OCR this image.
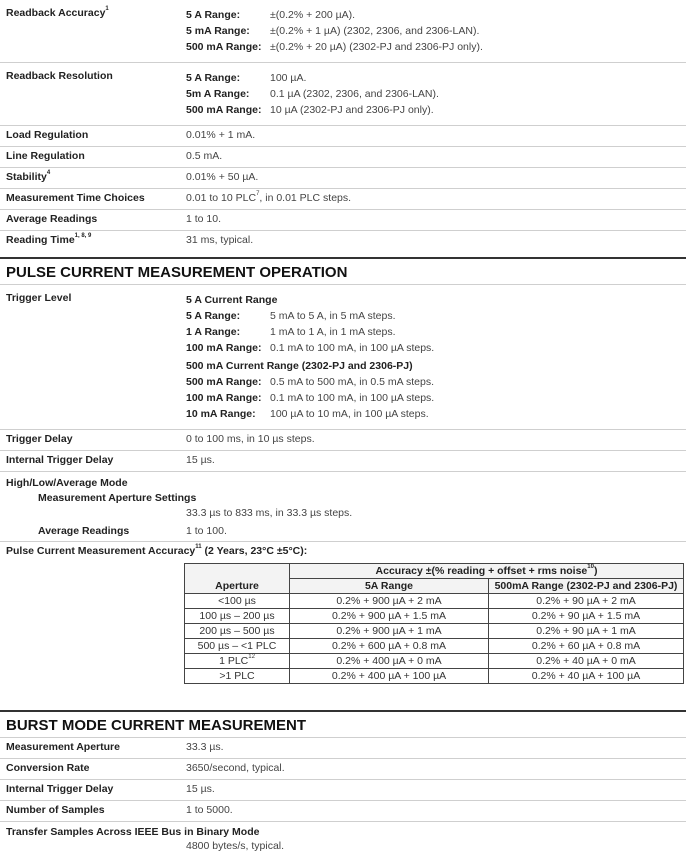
Readback Accuracy$^1$	5 A Range:	±(0.2% + 200 µA).
5 mA Range:	±(0.2% + 1 µA) (2302, 2306, and 2306-LAN).
500 mA Range: ±(0.2% + 20 µA) (2302-PJ and 2306-PJ only).
Readback Resolution	5 A Range:	100 µA.
5m A Range:	0.1 µA (2302, 2306, and 2306-LAN).
500 mA Range: 10 µA (2302-PJ and 2306-PJ only).
Load Regulation	0.01% + 1 mA.
Line Regulation	0.5 mA.
Stability$^4$	0.01% + 50 µA.
Measurement Time Choices	0.01 to 10 PLC$^7$, in 0.01 PLC steps.
Average Readings	1 to 10.
Reading Time$^{1, 8, 9}$	31 ms, typical.
PULSE CURRENT MEASUREMENT OPERATION
Trigger Level	5 A Current Range
5 A Range:	5 mA to 5 A, in 5 mA steps.
1 A Range:	1 mA to 1 A, in 1 mA steps.
100 mA Range: 0.1 mA to 100 mA, in 100 µA steps.
500 mA Current Range (2302-PJ and 2306-PJ)
500 mA Range: 0.5 mA to 500 mA, in 0.5 mA steps.
100 mA Range: 0.1 mA to 100 mA, in 100 µA steps.
10 mA Range:	100 µA to 10 mA, in 100 µA steps.
Trigger Delay	0 to 100 ms, in 10 µs steps.
Internal Trigger Delay	15 µs.
High/Low/Average Mode
Measurement Aperture Settings
33.3 µs to 833 ms, in 33.3 µs steps.
Average Readings	1 to 100.
Pulse Current Measurement Accuracy$^{11}$ (2 Years, 23°C ±5°C):
Aperture	Accuracy ±(% reading + offset + rms noise$^{10}$)	
	5A Range	500mA Range (2302-PJ and 2306-PJ)
<100 µs	0.2% + 900 µA + 2 mA	0.2% + 90 µA + 2 mA
100 µs – 200 µs	0.2% + 900 µA + 1.5 mA	0.2% + 90 µA + 1.5 mA
200 µs – 500 µs	0.2% + 900 µA + 1 mA	0.2% + 90 µA + 1 mA
500 µs – <1 PLC	0.2% + 600 µA + 0.8 mA	0.2% + 60 µA + 0.8 mA
1 PLC$^{12}$	0.2% + 400 µA + 0 mA	0.2% + 40 µA + 0 mA
>1 PLC	0.2% + 400 µA + 100 µA	0.2% + 40 µA + 100 µA
BURST MODE CURRENT MEASUREMENT
Measurement Aperture	33.3 µs.
Conversion Rate	3650/second, typical.
Internal Trigger Delay	15 µs.
Number of Samples	1 to 5000.
Transfer Samples Across IEEE Bus in Binary Mode
4800 bytes/s, typical.
